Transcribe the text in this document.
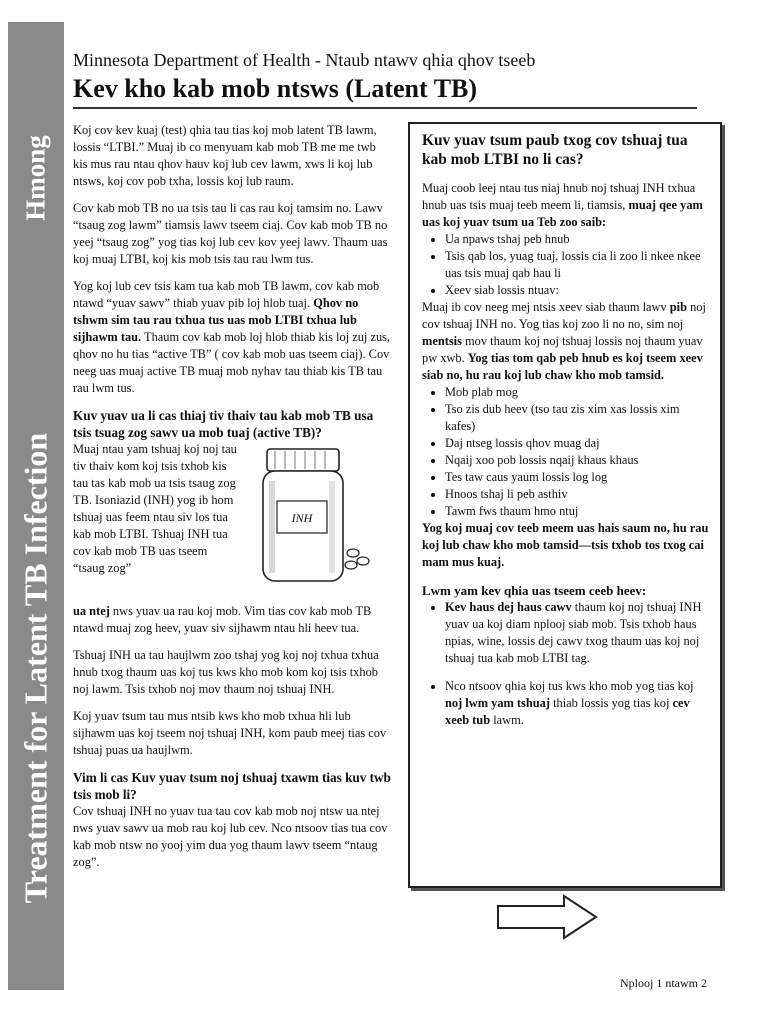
Hmong
Treatment for Latent TB Infection
Minnesota Department of Health - Ntaub ntawv qhia qhov tseeb
Kev kho kab mob ntsws (Latent TB)

Koj cov kev kuaj (test) qhia tau tias koj mob latent TB lawm, lossis “LTBI.” Muaj ib co menyuam kab mob TB me me twb kis mus rau ntau qhov hauv koj lub cev lawm, xws li koj lub ntsws, koj cov pob txha, lossis koj lub raum.

Cov kab mob TB no ua tsis tau li cas rau koj tamsim no. Lawv “tsaug zog lawm” tiamsis lawv tseem ciaj. Cov kab mob TB no yeej “tsaug zog” yog tias koj lub cev kov yeej lawv. Thaum uas koj muaj LTBI, koj kis mob tsis tau rau lwm tus.

Yog koj lub cev tsis kam tua kab mob TB lawm, cov kab mob ntawd “yuav sawv” thiab yuav pib loj hlob tuaj. Qhov no tshwm sim tau rau txhua tus uas mob LTBI txhua lub sijhawm tau. Thaum cov kab mob loj hlob thiab kis loj zuj zus, qhov no hu tias “active TB” ( cov kab mob uas tseem ciaj). Cov neeg uas muaj active TB muaj mob nyhav tau thiab kis TB tau rau lwm tus.

Kuv yuav ua li cas thiaj tiv thaiv tau kab mob TB usa tsis tsuag zog sawv ua mob tuaj (active TB)?
Muaj ntau yam tshuaj koj noj tau tiv thaiv kom koj tsis txhob kis tau tas kab mob ua tsis tsaug zog TB. Isoniazid (INH) yog ib hom tshuaj uas feem ntau siv los tua kab mob LTBI. Tshuaj INH tua cov kab mob TB uas tseem “tsaug zog”
INH

ua ntej nws yuav ua rau koj mob. Vim tias cov kab mob TB ntawd muaj zog heev, yuav siv sijhawm ntau hli heev tua.

Tshuaj INH ua tau haujlwm zoo tshaj yog koj noj txhua txhua hnub txog thaum uas koj tus kws kho mob kom koj tsis txhob noj lawm. Tsis txhob noj mov thaum noj tshuaj INH.

Koj yuav tsum tau mus ntsib kws kho mob txhua hli lub sijhawm uas koj tseem noj tshuaj INH, kom paub meej tias cov tshuaj puas ua haujlwm.

Vim li cas Kuv yuav tsum noj tshuaj txawm tias kuv twb tsis mob li?

Cov tshuaj INH no yuav tua tau cov kab mob noj ntsw ua ntej nws yuav sawv ua mob rau koj lub cev. Nco ntsoov tias tua cov kab mob ntsw no yooj yim dua yog thaum lawv tseem “ntaug zog”.

Kuv yuav tsum paub txog cov tshuaj tua kab mob LTBI no li cas?

Muaj coob leej ntau tus niaj hnub noj tshuaj INH txhua hnub uas tsis muaj teeb meem li, tiamsis, muaj qee yam uas koj yuav tsum ua Teb zoo saib:

• Ua npaws tshaj peb hnub
• Tsis qab los, yuag tuaj, lossis cia li zoo li nkee nkee uas tsis muaj qab hau li
• Xeev siab lossis ntuav:

Muaj ib cov neeg mej ntsis xeev siab thaum lawv pib noj cov tshuaj INH no. Yog tias koj zoo li no no, sim noj mentsis mov thaum koj noj tshuaj lossis noj thaum yuav pw xwb. Yog tias tom qab peb hnub es koj tseem xeev siab no, hu rau koj lub chaw kho mob tamsid.

• Mob plab mog
• Tso zis dub heev (tso tau zis xim xas lossis xim kafes)
• Daj ntseg lossis qhov muag daj
• Nqaij xoo pob lossis nqaij khaus khaus
• Tes taw caus yaum lossis log log
• Hnoos tshaj li peb asthiv
• Tawm fws thaum hmo ntuj

Yog koj muaj cov teeb meem uas hais saum no, hu rau koj lub chaw kho mob tamsid—tsis txhob tos txog cai mam mus kuaj.

Lwm yam kev qhia uas tseem ceeb heev:
• Kev haus dej haus cawv thaum koj noj tshuaj INH yuav ua koj diam nplooj siab mob. Tsis txhob haus npias, wine, lossis dej cawv txog thaum uas koj noj tshuaj tua kab mob LTBI tag.
• Nco ntsoov qhia koj tus kws kho mob yog tias koj noj lwm yam tshuaj thiab lossis yog tias koj cev xeeb tub lawm.
Nplooj 1 ntawm 2
